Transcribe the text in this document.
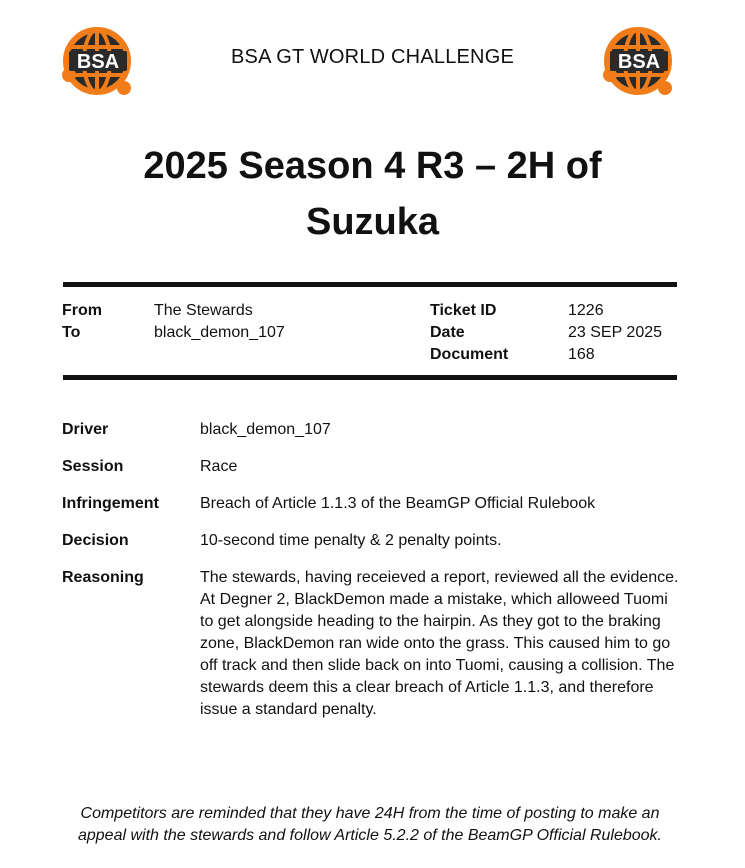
BSA	BSA GT WORLD CHALLENGE	BSA
2025 Season 4 R3 – 2H of Suzuka
From	The Stewards
To	black_demon_107
Ticket ID	1226
Date	23 SEP 2025
Document	168
Driver	black_demon_107
Session	Race
Infringement	Breach of Article 1.1.3 of the BeamGP Official Rulebook
Decision	10-second time penalty & 2 penalty points.
Reasoning	The stewards, having receieved a report, reviewed all the evidence. At Degner 2, BlackDemon made a mistake, which alloweed Tuomi to get alongside heading to the hairpin. As they got to the braking zone, BlackDemon ran wide onto the grass. This caused him to go off track and then slide back on into Tuomi, causing a collision. The stewards deem this a clear breach of Article 1.1.3, and therefore issue a standard penalty.

Competitors are reminded that they have 24H from the time of posting to make an appeal with the stewards and follow Article 5.2.2 of the BeamGP Official Rulebook.
